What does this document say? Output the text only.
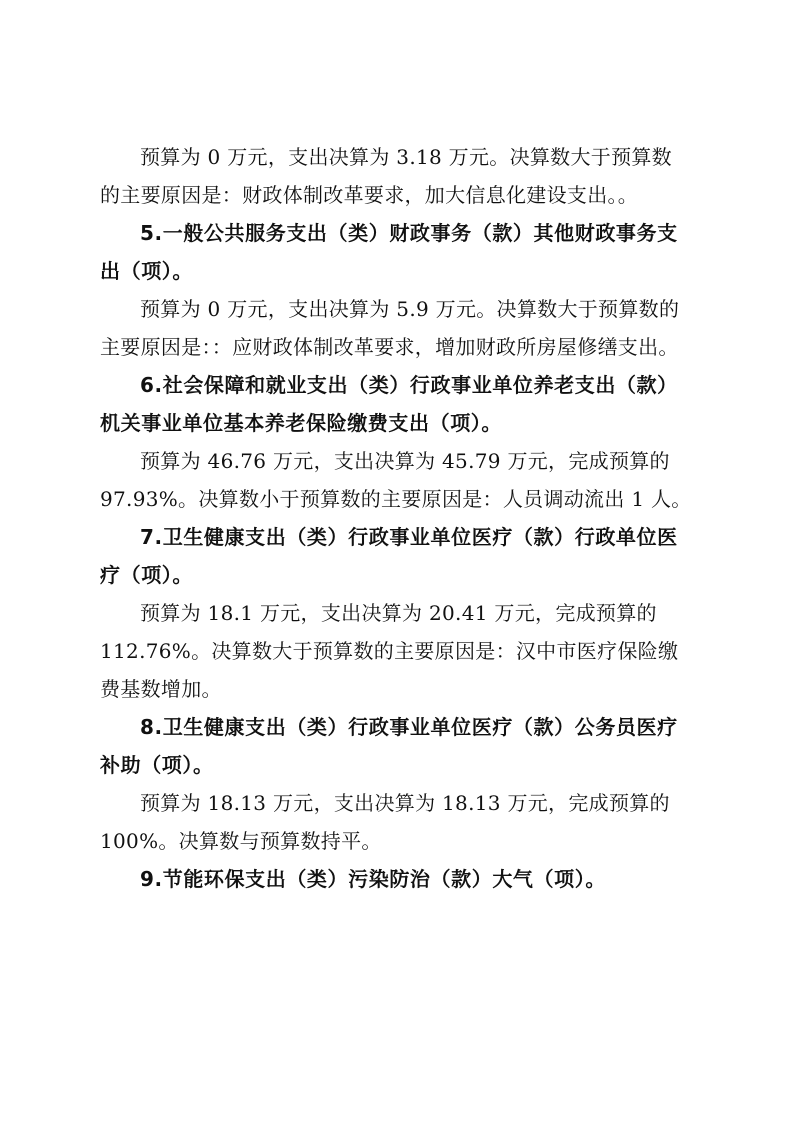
预算为 0 万元，支出决算为 3.18 万元。决算数大于预算数
的主要原因是：财政体制改革要求，加大信息化建设支出。。
5.一般公共服务支出（类）财政事务（款）其他财政事务支
出（项）。
预算为 0 万元，支出决算为 5.9 万元。决算数大于预算数的
主要原因是：：应财政体制改革要求，增加财政所房屋修缮支出。
6.社会保障和就业支出（类）行政事业单位养老支出（款）
机关事业单位基本养老保险缴费支出（项）。
预算为 46.76 万元，支出决算为 45.79 万元，完成预算的
97.93%。决算数小于预算数的主要原因是：人员调动流出 1 人。
7.卫生健康支出（类）行政事业单位医疗（款）行政单位医
疗（项）。
预算为 18.1 万元，支出决算为 20.41 万元，完成预算的
112.76%。决算数大于预算数的主要原因是：汉中市医疗保险缴
费基数增加。
8.卫生健康支出（类）行政事业单位医疗（款）公务员医疗
补助（项）。
预算为 18.13 万元，支出决算为 18.13 万元，完成预算的
100%。决算数与预算数持平。
9.节能环保支出（类）污染防治（款）大气（项）。
